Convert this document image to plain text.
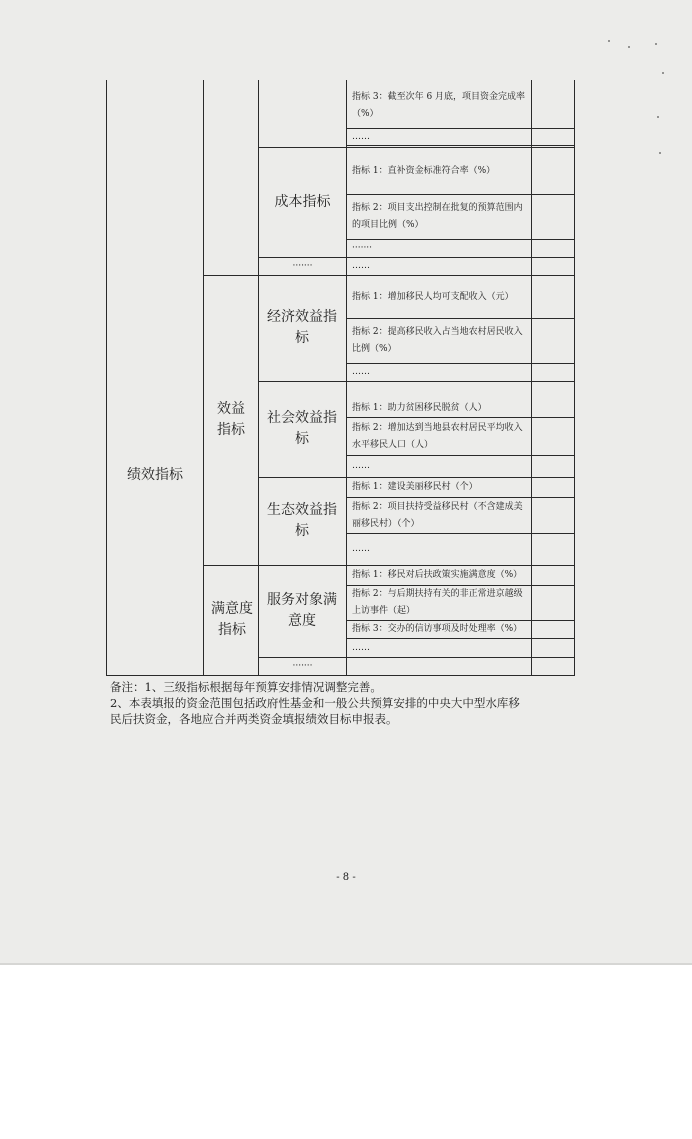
绩效指标
效益指标
满意度指标
成本指标
·······
经济效益指标
社会效益指标
生态效益指标
服务对象满意度
·······
指标 3：截至次年 6 月底，项目资金完成率（%）
……
指标 1：直补资金标准符合率（%）
指标 2：项目支出控制在批复的预算范围内的项目比例（%）
·······
……
指标 1：增加移民人均可支配收入（元）
指标 2：提高移民收入占当地农村居民收入比例（%）
……
指标 1：助力贫困移民脱贫（人）
指标 2：增加达到当地县农村居民平均收入水平移民人口（人）
……
指标 1：建设美丽移民村（个）
指标 2：项目扶持受益移民村（不含建成美丽移民村）（个）
……
指标 1：移民对后扶政策实施满意度（%）
指标 2：与后期扶持有关的非正常进京越级上访事件（起）
指标 3：交办的信访事项及时处理率（%）
……
备注：1、三级指标根据每年预算安排情况调整完善。
2、本表填报的资金范围包括政府性基金和一般公共预算安排的中央大中型水库移
民后扶资金，各地应合并两类资金填报绩效目标申报表。
- 8 -
